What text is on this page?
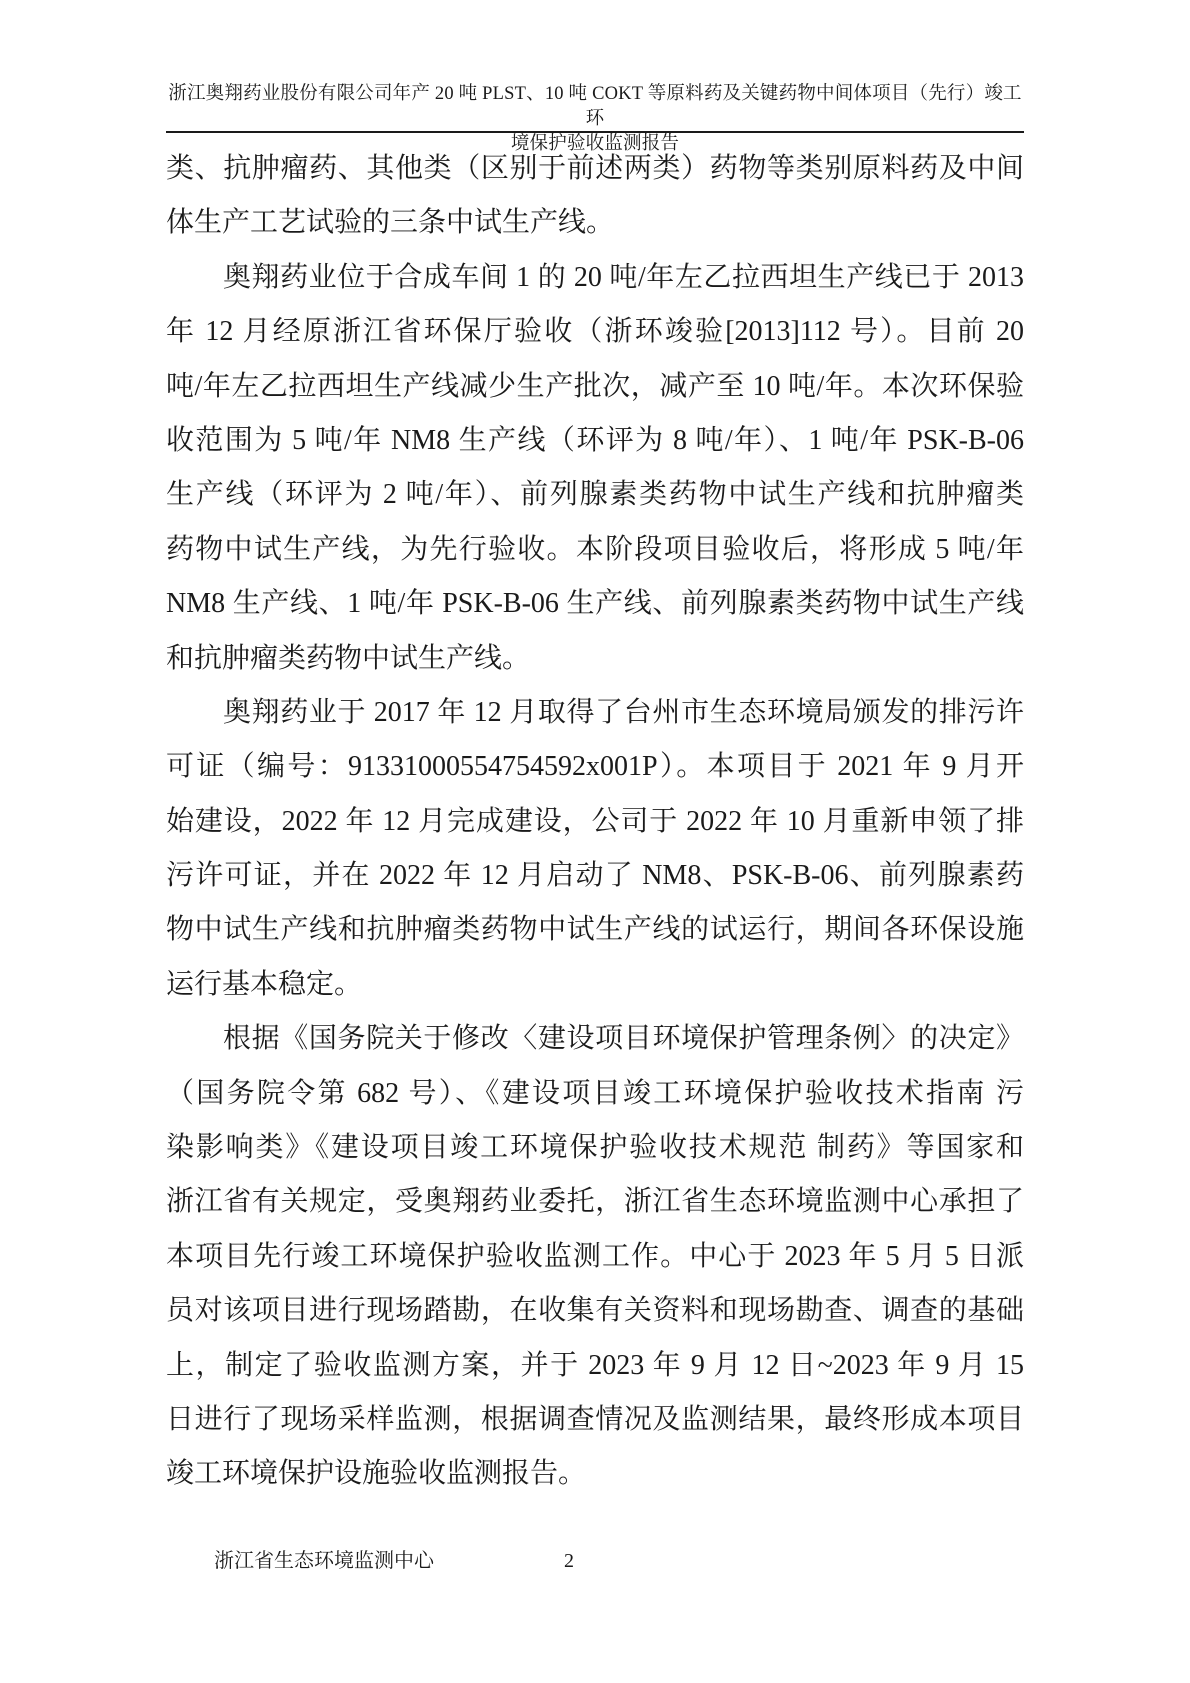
浙江奥翔药业股份有限公司年产 20 吨 PLST、10 吨 COKT 等原料药及关键药物中间体项目（先行）竣工环
境保护验收监测报告
类、抗肿瘤药、其他类（区别于前述两类）药物等类别原料药及中间
体生产工艺试验的三条中试生产线。
奥翔药业位于合成车间 1 的 20 吨/年左乙拉西坦生产线已于 2013
年 12 月经原浙江省环保厅验收（浙环竣验[2013]112 号）。目前 20
吨/年左乙拉西坦生产线减少生产批次，减产至 10 吨/年。本次环保验
收范围为 5 吨/年 NM8 生产线（环评为 8 吨/年）、1 吨/年 PSK-B-06
生产线（环评为 2 吨/年）、前列腺素类药物中试生产线和抗肿瘤类
药物中试生产线，为先行验收。本阶段项目验收后，将形成 5 吨/年
NM8 生产线、1 吨/年 PSK-B-06 生产线、前列腺素类药物中试生产线
和抗肿瘤类药物中试生产线。
奥翔药业于 2017 年 12 月取得了台州市生态环境局颁发的排污许
可证（编号：91331000554754592x001P）。本项目于 2021 年 9 月开
始建设，2022 年 12 月完成建设，公司于 2022 年 10 月重新申领了排
污许可证，并在 2022 年 12 月启动了 NM8、PSK-B-06、前列腺素药
物中试生产线和抗肿瘤类药物中试生产线的试运行，期间各环保设施
运行基本稳定。
根据《国务院关于修改〈建设项目环境保护管理条例〉的决定》
（国务院令第 682 号）、《建设项目竣工环境保护验收技术指南 污
染影响类》《建设项目竣工环境保护验收技术规范 制药》等国家和
浙江省有关规定，受奥翔药业委托，浙江省生态环境监测中心承担了
本项目先行竣工环境保护验收监测工作。中心于 2023 年 5 月 5 日派
员对该项目进行现场踏勘，在收集有关资料和现场勘查、调查的基础
上，制定了验收监测方案，并于 2023 年 9 月 12 日~2023 年 9 月 15
日进行了现场采样监测，根据调查情况及监测结果，最终形成本项目
竣工环境保护设施验收监测报告。
浙江省生态环境监测中心	2
